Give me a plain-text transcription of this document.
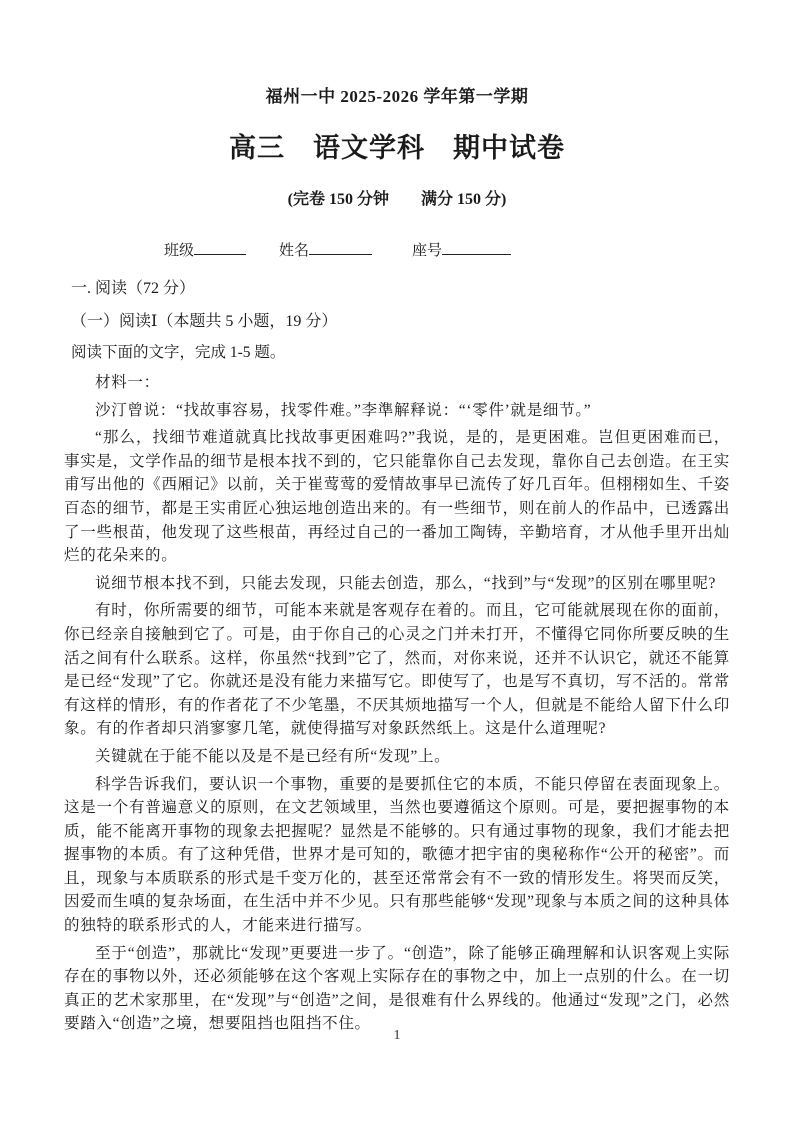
福州一中 2025-2026 学年第一学期
高三　语文学科　期中试卷
(完卷 150 分钟　　满分 150 分)
班级	姓名	座号
一. 阅读（72 分）
（一）阅读Ⅰ（本题共 5 小题，19 分）
阅读下面的文字，完成 1-5 题。

材料一：

沙汀曾说：“找故事容易，找零件难。”李準解释说：“‘零件’就是细节。”

“那么，找细节难道就真比找故事更困难吗?”我说，是的，是更困难。岂但更困难而已，事实是，文学作品的细节是根本找不到的，它只能靠你自己去发现，靠你自己去创造。在王实甫写出他的《西厢记》以前，关于崔莺莺的爱情故事早已流传了好几百年。但栩栩如生、千姿百态的细节，都是王实甫匠心独运地创造出来的。有一些细节，则在前人的作品中，已透露出了一些根苗，他发现了这些根苗，再经过自己的一番加工陶铸，辛勤培育，才从他手里开出灿烂的花朵来的。

说细节根本找不到，只能去发现，只能去创造，那么，“找到”与“发现”的区别在哪里呢?

有时，你所需要的细节，可能本来就是客观存在着的。而且，它可能就展现在你的面前，你已经亲自接触到它了。可是，由于你自己的心灵之门并未打开，不懂得它同你所要反映的生活之间有什么联系。这样，你虽然“找到”它了，然而，对你来说，还并不认识它，就还不能算是已经“发现”了它。你就还是没有能力来描写它。即使写了，也是写不真切，写不活的。常常有这样的情形，有的作者花了不少笔墨，不厌其烦地描写一个人，但就是不能给人留下什么印象。有的作者却只消寥寥几笔，就使得描写对象跃然纸上。这是什么道理呢?

关键就在于能不能以及是不是已经有所“发现”上。

科学告诉我们，要认识一个事物，重要的是要抓住它的本质，不能只停留在表面现象上。这是一个有普遍意义的原则，在文艺领域里，当然也要遵循这个原则。可是，要把握事物的本质，能不能离开事物的现象去把握呢？显然是不能够的。只有通过事物的现象，我们才能去把握事物的本质。有了这种凭借，世界才是可知的，歌德才把宇宙的奥秘称作“公开的秘密”。而且，现象与本质联系的形式是千变万化的，甚至还常常会有不一致的情形发生。将哭而反笑，因爱而生嗔的复杂场面，在生活中并不少见。只有那些能够“发现”现象与本质之间的这种具体的独特的联系形式的人，才能来进行描写。

至于“创造”，那就比“发现”更要进一步了。“创造”，除了能够正确理解和认识客观上实际存在的事物以外，还必须能够在这个客观上实际存在的事物之中，加上一点别的什么。在一切真正的艺术家那里，在“发现”与“创造”之间，是很难有什么界线的。他通过“发现”之门，必然要踏入“创造”之境，想要阻挡也阻挡不住。

1
